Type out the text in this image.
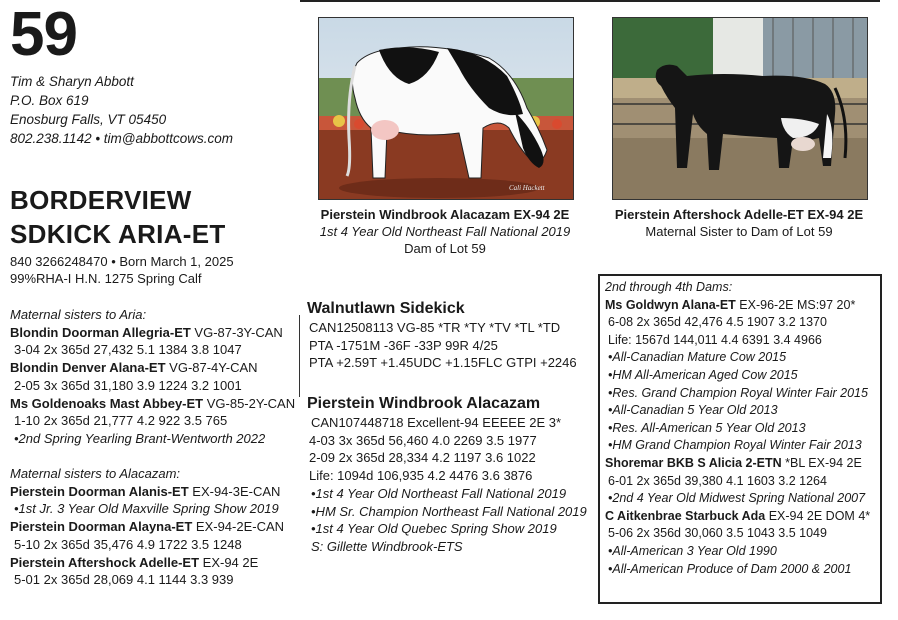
59
Tim & Sharyn Abbott
P.O. Box 619
Enosburg Falls, VT 05450
802.238.1142 • tim@abbottcows.com
BORDERVIEW
SDKICK ARIA-ET
840 3266248470 • Born March 1, 2025
99%RHA-I H.N. 1275 Spring Calf
Cali Hackett
Pierstein Windbrook Alacazam EX-94 2E
1st 4 Year Old Northeast Fall National 2019
Dam of Lot 59
Pierstein Aftershock Adelle-ET EX-94 2E
Maternal Sister to Dam of Lot 59
Maternal sisters to Aria:
Blondin Doorman Allegria-ET VG-87-3Y-CAN
3-04 2x 365d 27,432 5.1 1384 3.8 1047
Blondin Denver Alana-ET VG-87-4Y-CAN
2-05 3x 365d 31,180 3.9 1224 3.2 1001
Ms Goldenoaks Mast Abbey-ET VG-85-2Y-CAN
1-10 2x 365d 21,777 4.2 922 3.5 765
•2nd Spring Yearling Brant-Wentworth 2022
Maternal sisters to Alacazam:
Pierstein Doorman Alanis-ET EX-94-3E-CAN
•1st Jr. 3 Year Old Maxville Spring Show 2019
Pierstein Doorman Alayna-ET EX-94-2E-CAN
5-10 2x 365d 35,476 4.9 1722 3.5 1248
Pierstein Aftershock Adelle-ET EX-94 2E
5-01 2x 365d 28,069 4.1 1144 3.3 939
Walnutlawn Sidekick
CAN12508113 VG-85 *TR *TY *TV *TL *TD
PTA -1751M -36F -33P 99R 4/25
PTA +2.59T +1.45UDC +1.15FLC GTPI +2246
Pierstein Windbrook Alacazam
CAN107448718 Excellent-94 EEEEE 2E 3*
4-03 3x 365d 56,460 4.0 2269 3.5 1977
2-09 2x 365d 28,334 4.2 1197 3.6 1022
Life: 1094d 106,935 4.2 4476 3.6 3876
•1st 4 Year Old Northeast Fall National 2019
•HM Sr. Champion Northeast Fall National 2019
•1st 4 Year Old Quebec Spring Show 2019
S: Gillette Windbrook-ETS
2nd through 4th Dams:
Ms Goldwyn Alana-ET EX-96-2E MS:97 20*
6-08 2x 365d 42,476 4.5 1907 3.2 1370
Life: 1567d 144,011 4.4 6391 3.4 4966
•All-Canadian Mature Cow 2015
•HM All-American Aged Cow 2015
•Res. Grand Champion Royal Winter Fair 2015
•All-Canadian 5 Year Old 2013
•Res. All-American 5 Year Old 2013
•HM Grand Champion Royal Winter Fair 2013
Shoremar BKB S Alicia 2-ETN *BL EX-94 2E
6-01 2x 365d 39,380 4.1 1603 3.2 1264
•2nd 4 Year Old Midwest Spring National 2007
C Aitkenbrae Starbuck Ada EX-94 2E DOM 4*
5-06 2x 356d 30,060 3.5 1043 3.5 1049
•All-American 3 Year Old 1990
•All-American Produce of Dam 2000 & 2001
